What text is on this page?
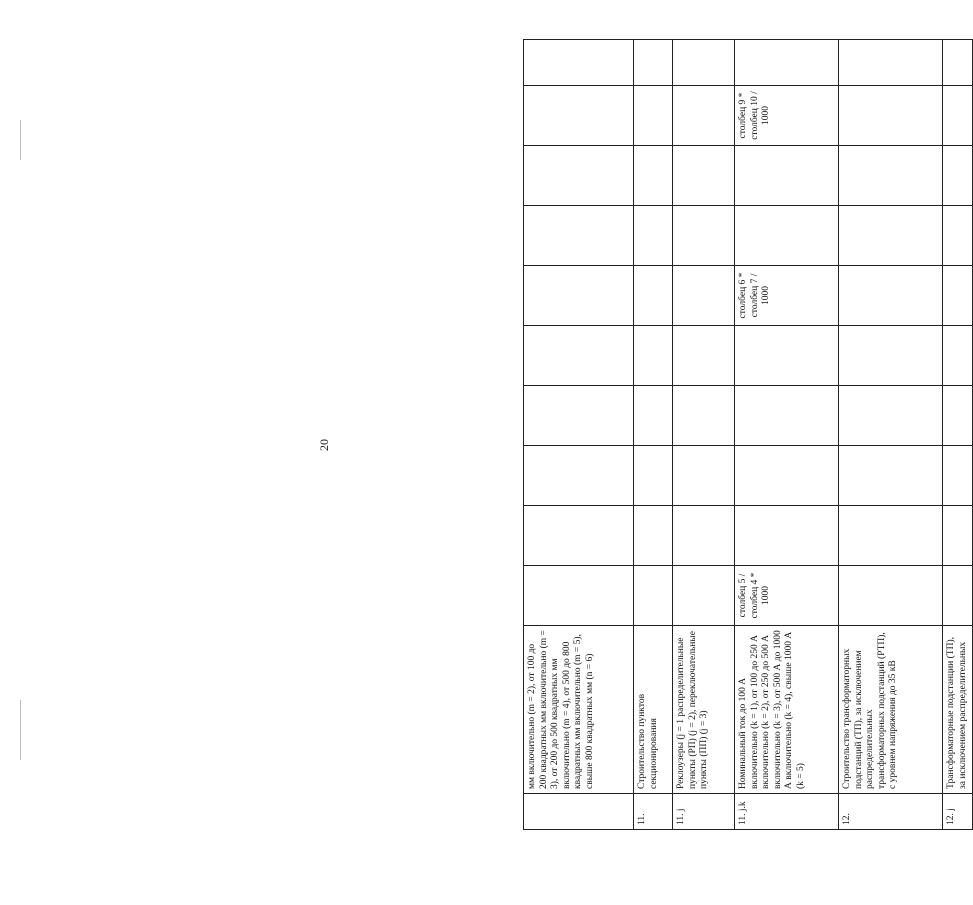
20
	мм включительно (m = 2), от 100 до 200 квадратных мм включительно (m = 3), от 200 до 500 квадратных мм включительно (m = 4), от 500 до 800 квадратных мм включительно (m = 5), свыше 800 квадратных мм (n = 6)										
11.	Строительство пунктов секционирования										
11. j	Реклоузеры (j = 1 распределительные пункты (РП) (j = 2), переключательные пункты (ПП) (j = 3)										
11. j.k	Номинальный ток до 100 А включительно (k = 1), от 100 до 250 А включительно (k = 2), от 250 до 500 А включительно (k = 3), от 500 А до 1000 А включительно (k = 4), свыше 1000 А (k = 5)	столбец 5 / столбец 4 * 1000					столбец 6 * столбец 7 / 1000			столбец 9 * столбец 10 / 1000	
12.	Строительство трансформаторных подстанций (ТП), за исключением распределительных трансформаторных подстанций (РТП), с уровнем напряжения до 35 кВ										
12. j	Трансформаторные подстанции (ТП), за исключением распределительных										
